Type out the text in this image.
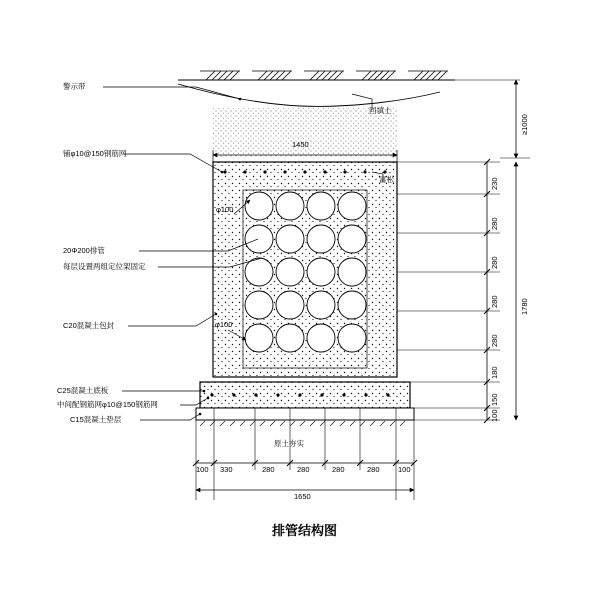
警示带
铺φ10@150钢筋网
20Φ200排管
每层设置两组定位架固定
C20混凝土包封
C25混凝土底板
中间配钢筋网φ10@150钢筋网
C15混凝土垫层
回填土
原土夯实
φ100
φ100
富松
1450
1650
100 330	280	280	280	280 100
230
280
280
280
280
180
150
100
1780
≥1000
排管结构图
